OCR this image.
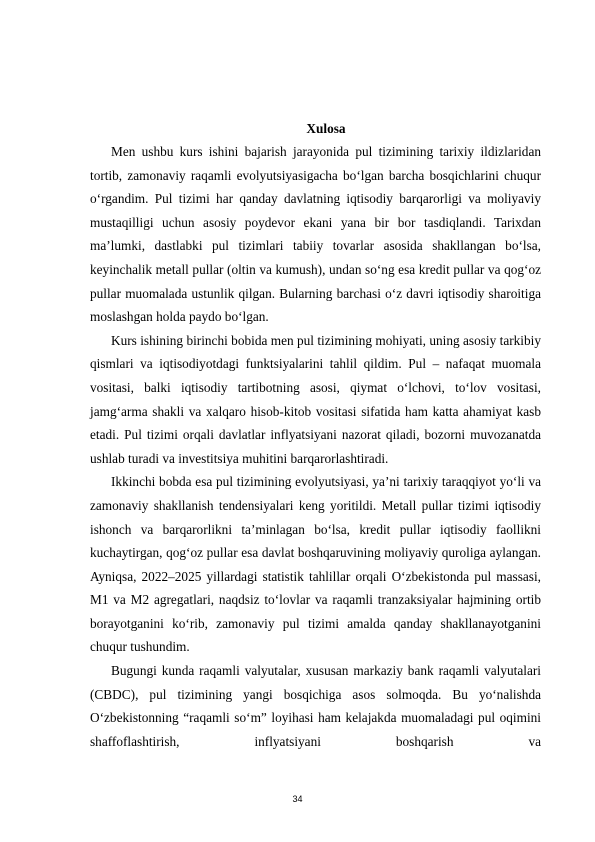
Xulosa

Men ushbu kurs ishini bajarish jarayonida pul tizimining tarixiy ildizlaridan tortib, zamonaviy raqamli evolyutsiyasigacha bo‘lgan barcha bosqichlarini chuqur o‘rgandim. Pul tizimi har qanday davlatning iqtisodiy barqarorligi va moliyaviy mustaqilligi uchun asosiy poydevor ekani yana bir bor tasdiqlandi. Tarixdan ma’lumki, dastlabki pul tizimlari tabiiy tovarlar asosida shakllangan bo‘lsa, keyinchalik metall pullar (oltin va kumush), undan so‘ng esa kredit pullar va qog‘oz pullar muomalada ustunlik qilgan. Bularning barchasi o‘z davri iqtisodiy sharoitiga moslashgan holda paydo bo‘lgan.

Kurs ishining birinchi bobida men pul tizimining mohiyati, uning asosiy tarkibiy qismlari va iqtisodiyotdagi funktsiyalarini tahlil qildim. Pul – nafaqat muomala vositasi, balki iqtisodiy tartibotning asosi, qiymat o‘lchovi, to‘lov vositasi, jamg‘arma shakli va xalqaro hisob-kitob vositasi sifatida ham katta ahamiyat kasb etadi. Pul tizimi orqali davlatlar inflyatsiyani nazorat qiladi, bozorni muvozanatda ushlab turadi va investitsiya muhitini barqarorlashtiradi.

Ikkinchi bobda esa pul tizimining evolyutsiyasi, ya’ni tarixiy taraqqiyot yo‘li va zamonaviy shakllanish tendensiyalari keng yoritildi. Metall pullar tizimi iqtisodiy ishonch va barqarorlikni ta’minlagan bo‘lsa, kredit pullar iqtisodiy faollikni kuchaytirgan, qog‘oz pullar esa davlat boshqaruvining moliyaviy quroliga aylangan. Ayniqsa, 2022–2025 yillardagi statistik tahlillar orqali O‘zbekistonda pul massasi, M1 va M2 agregatlari, naqdsiz to‘lovlar va raqamli tranzaksiyalar hajmining ortib borayotganini ko‘rib, zamonaviy pul tizimi amalda qanday shakllanayotganini chuqur tushundim.

Bugungi kunda raqamli valyutalar, xususan markaziy bank raqamli valyutalari (CBDC), pul tizimining yangi bosqichiga asos solmoqda. Bu yo‘nalishda O‘zbekistonning “raqamli so‘m” loyihasi ham kelajakda muomaladagi pul oqimini shaffoflashtirish, inflyatsiyani boshqarish va

34
